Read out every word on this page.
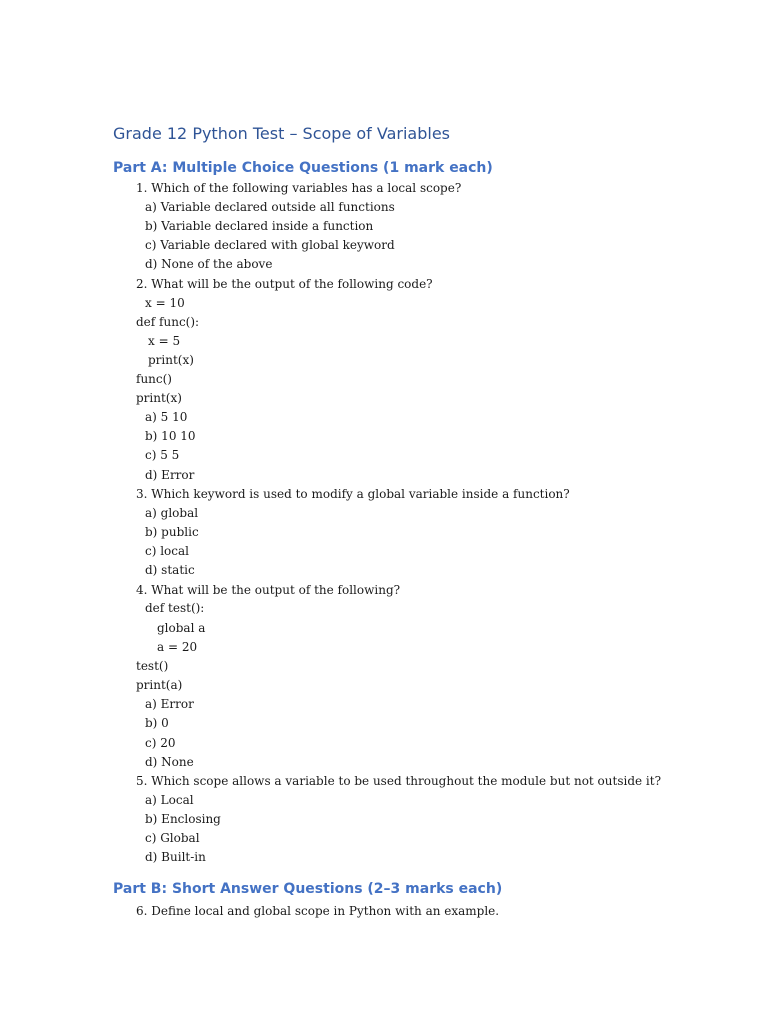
Grade 12 Python Test – Scope of Variables
Part A: Multiple Choice Questions (1 mark each)

1. Which of the following variables has a local scope?

a) Variable declared outside all functions

b) Variable declared inside a function

c) Variable declared with global keyword

d) None of the above

2. What will be the output of the following code?

x = 10

def func():

x = 5

print(x)

func()

print(x)

a) 5 10

b) 10 10

c) 5 5

d) Error

3. Which keyword is used to modify a global variable inside a function?

a) global

b) public

c) local

d) static

4. What will be the output of the following?

def test():

global a

a = 20

test()

print(a)

a) Error

b) 0

c) 20

d) None

5. Which scope allows a variable to be used throughout the module but not outside it?

a) Local

b) Enclosing

c) Global

d) Built-in

Part B: Short Answer Questions (2–3 marks each)

6. Define local and global scope in Python with an example.
